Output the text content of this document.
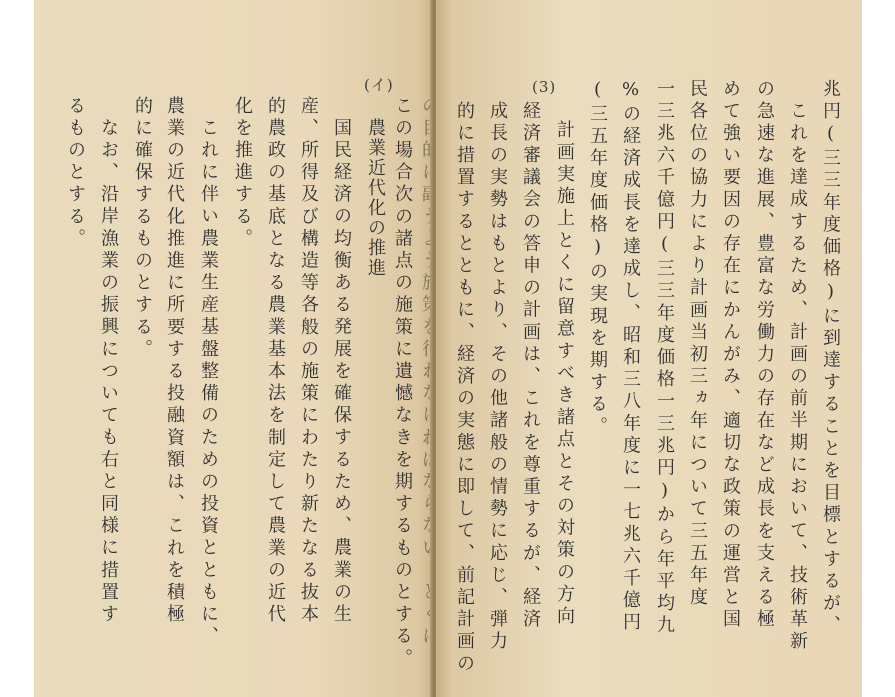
(イ)
この場合次の諸点の施策に遺憾なきを期するものとする。
農業近代化の推進
国民経済の均衡ある発展を確保するため、農業の生
産、所得及び構造等各般の施策にわたり新たなる抜本
的農政の基底となる農業基本法を制定して農業の近代
化を推進する。
これに伴い農業生産基盤整備のための投資とともに、
農業の近代化推進に所要する投融資額は、これを積極
的に確保するものとする。
なお、沿岸漁業の振興についても右と同様に措置す
るものとする。
(3)	兆円(三三年度価格)に到達することを目標とするが、
これを達成するため、計画の前半期において、技術革新
の急速な進展、豊富な労働力の存在など成長を支える極
めて強い要因の存在にかんがみ、適切な政策の運営と国
民各位の協力により計画当初三ヵ年について三五年度
一三兆六千億円(三三年度価格一三兆円)から年平均九
%の経済成長を達成し、昭和三八年度に一七兆六千億円
(三五年度価格)の実現を期する。
計画実施上とくに留意すべき諸点とその対策の方向
経済審議会の答申の計画は、これを尊重するが、経済
成長の実勢はもとより、その他諸般の情勢に応じ、弾力
的に措置するとともに、経済の実態に即して、前記計画の
